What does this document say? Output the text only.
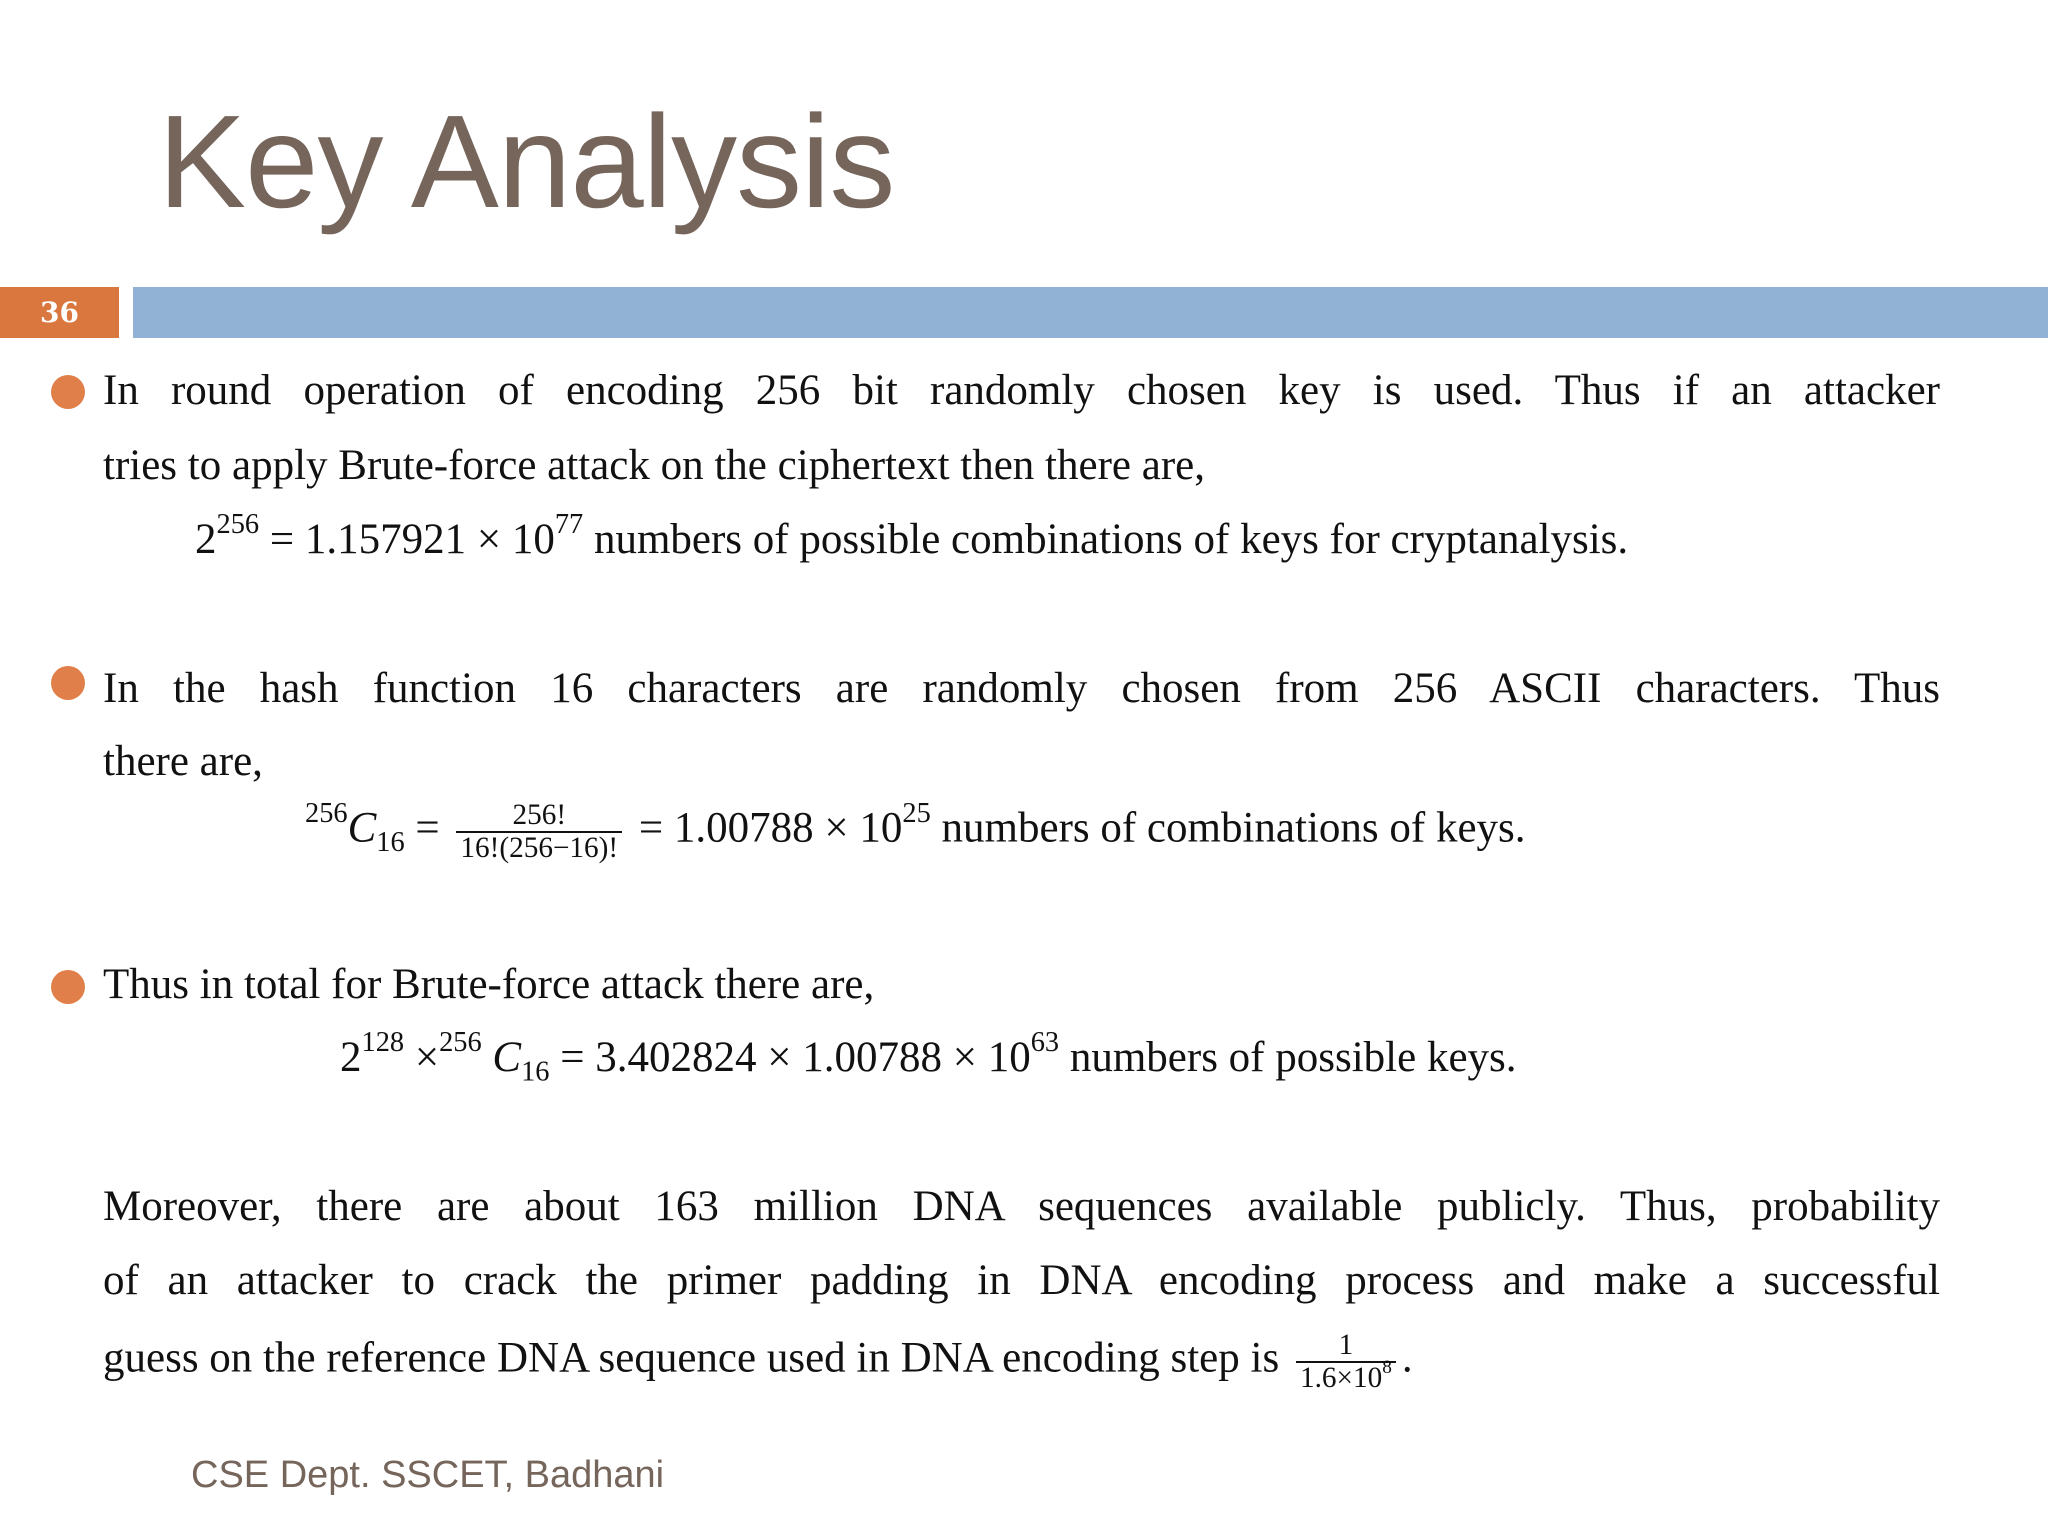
Key Analysis
36
In round operation of encoding 256 bit randomly chosen key is used. Thus if an attacker
tries to apply Brute-force attack on the ciphertext then there are,
$2^{256} = 1.157921 \times 10^{77}$ numbers of possible combinations of keys for cryptanalysis.
In the hash function 16 characters are randomly chosen from 256 ASCII characters. Thus
there are,
$^{256}C_{16} = \frac{256!}{16!(256-16)!} = 1.00788 \times 10^{25}$ numbers of combinations of keys.
Thus in total for Brute-force attack there are,
$2^{128} \times^{256}$ $C_{16} = 3.402824 \times 1.00788 \times 10^{63}$ numbers of possible keys.
Moreover, there are about 163 million DNA sequences available publicly. Thus, probability
of an attacker to crack the primer padding in DNA encoding process and make a successful
guess on the reference DNA sequence used in DNA encoding step is $\frac{1}{1.6\times 10^8}$ .
CSE Dept. SSCET, Badhani
